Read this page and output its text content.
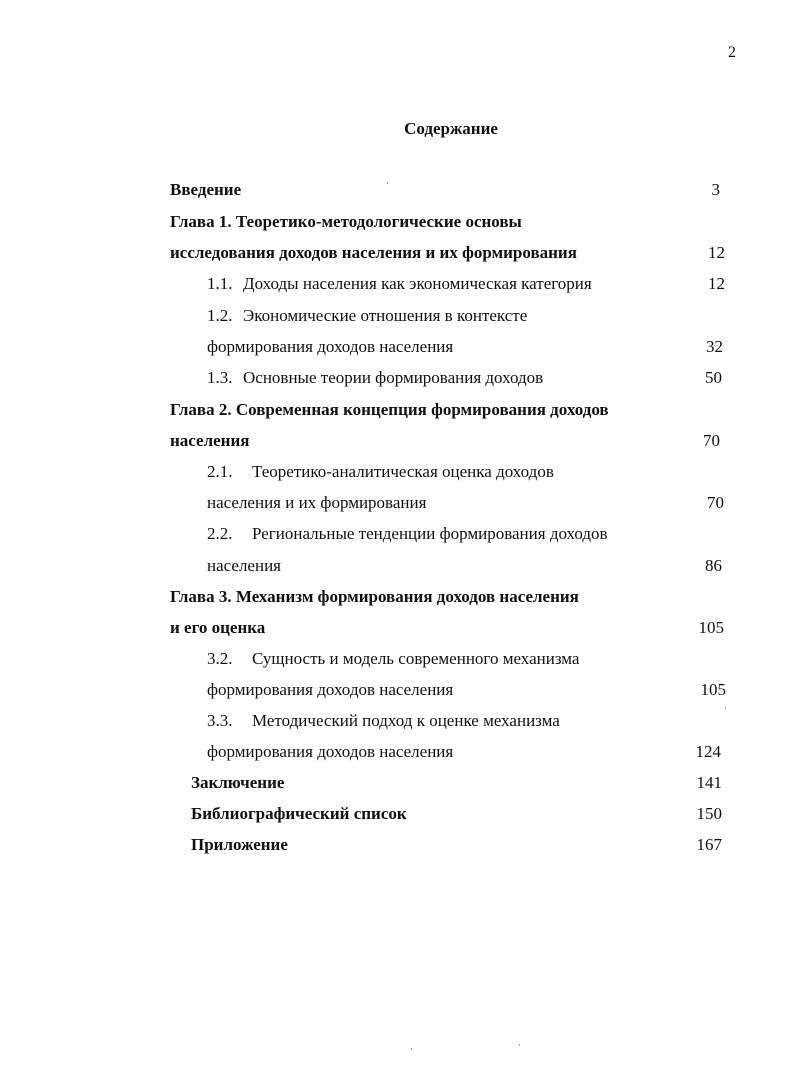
2
Содержание
Введение	3
Глава 1. Теоретико-методологические основы
исследования доходов населения и их формирования	12
1.1. Доходы населения как экономическая категория	12
1.2. Экономические отношения в контексте
формирования доходов населения	32
1.3. Основные теории формирования доходов	50
Глава 2. Современная концепция формирования доходов
населения	70
2.1. Теоретико-аналитическая оценка доходов
населения и их формирования	70
2.2. Региональные тенденции формирования доходов
населения	86
Глава 3. Механизм формирования доходов населения
и его оценка	105
3.2. Сущность и модель современного механизма
формирования доходов населения	105
3.3. Методический подход к оценке механизма
формирования доходов населения	124
Заключение	141
Библиографический список	150
Приложение	167
·
·	·
·
